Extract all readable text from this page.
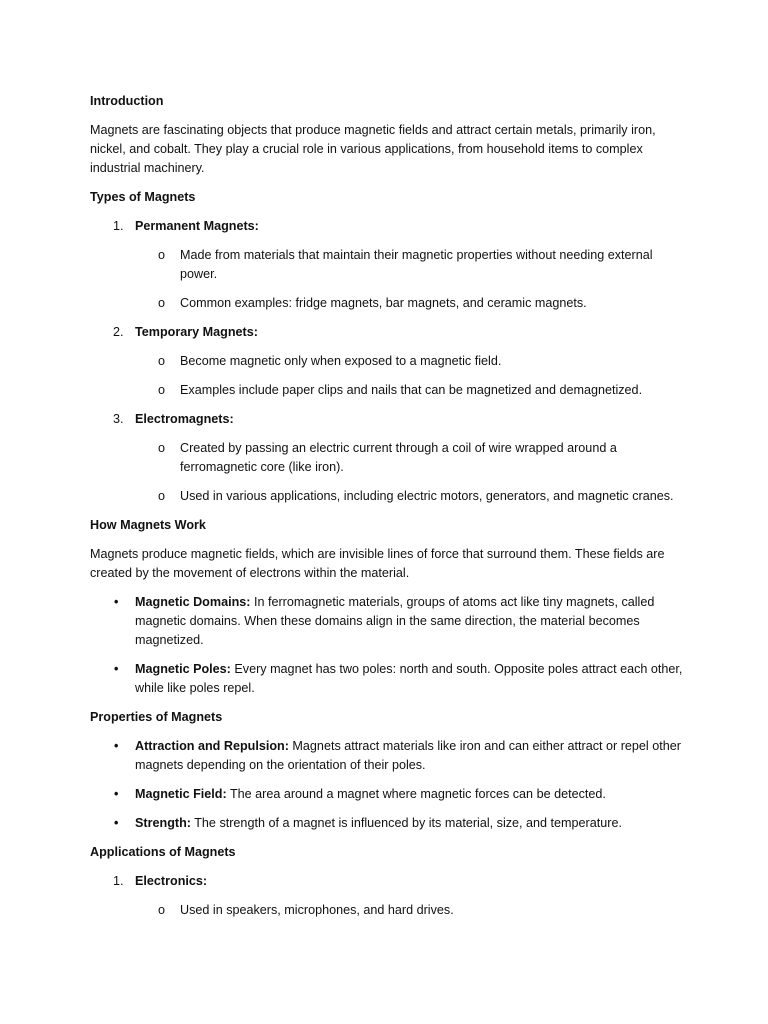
Introduction
Magnets are fascinating objects that produce magnetic fields and attract certain metals, primarily iron, nickel, and cobalt. They play a crucial role in various applications, from household items to complex industrial machinery.
Types of Magnets
1. Permanent Magnets:
o Made from materials that maintain their magnetic properties without needing external power.
o Common examples: fridge magnets, bar magnets, and ceramic magnets.
2. Temporary Magnets:
o Become magnetic only when exposed to a magnetic field.
o Examples include paper clips and nails that can be magnetized and demagnetized.
3. Electromagnets:
o Created by passing an electric current through a coil of wire wrapped around a ferromagnetic core (like iron).
o Used in various applications, including electric motors, generators, and magnetic cranes.
How Magnets Work
Magnets produce magnetic fields, which are invisible lines of force that surround them. These fields are created by the movement of electrons within the material.
• Magnetic Domains: In ferromagnetic materials, groups of atoms act like tiny magnets, called magnetic domains. When these domains align in the same direction, the material becomes magnetized.
• Magnetic Poles: Every magnet has two poles: north and south. Opposite poles attract each other, while like poles repel.
Properties of Magnets
• Attraction and Repulsion: Magnets attract materials like iron and can either attract or repel other magnets depending on the orientation of their poles.
• Magnetic Field: The area around a magnet where magnetic forces can be detected.
• Strength: The strength of a magnet is influenced by its material, size, and temperature.
Applications of Magnets
1. Electronics:
o Used in speakers, microphones, and hard drives.
